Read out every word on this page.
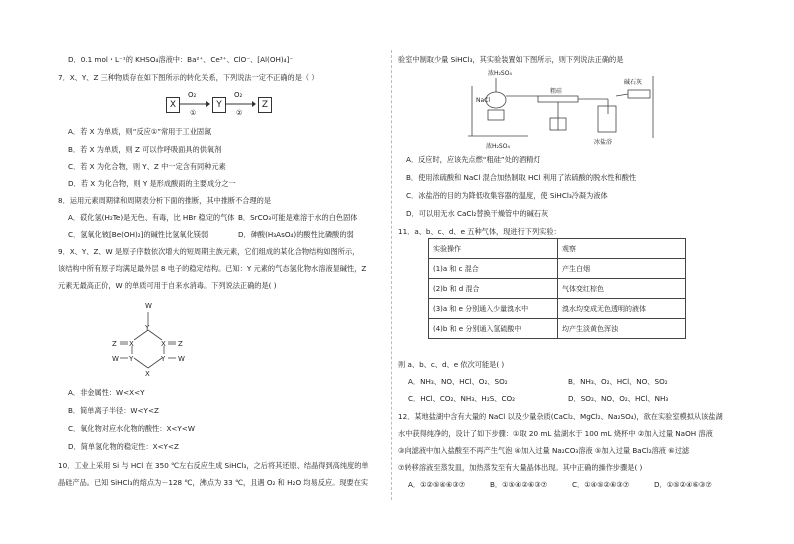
D．0.1 mol・L⁻¹的 KHSO₄溶液中：Ba²⁺、Ce³⁺、ClO⁻、[Al(OH)₄]⁻
7．X、Y、Z 三种物质存在如下图所示的转化关系，下列说法一定不正确的是（ ）
X
O₂
①
Y
O₂
②
Z
A．若 X 为单质，则“反应①”常用于工业固氮
B．若 X 为单质，则 Z 可以作呼吸面具的供氧剂
C．若 X 为化合物，则 Y、Z 中一定含有同种元素
D．若 X 为化合物，则 Y 是形成酸雨的主要成分之一
8．运用元素周期律和周期表分析下面的推断，其中推断不合理的是
A．砹化氢(H₂Te)是无色、有毒，比 HBr 稳定的气体 B．SrCO₃可能是难溶于水的白色固体
C．氢氧化铍[Be(OH)₂]的碱性比氢氧化镁弱	D．砷酸(H₃AsO₄)的酸性比磷酸的弱
9．X、Y、Z、W 是原子序数依次增大的短周期主族元素，它们组成的某化合物结构如图所示，
该结构中所有原子均满足最外层 8 电子的稳定结构。已知：Y 元素的气态氢化物水溶液显碱性，Z
元素无最高正价，W 的单质可用于自来水消毒。下列说法正确的是( )
W
Y
X	X
Z	Z
Y	Y
W	W
X
A．非金属性：W<X<Y
B．简单离子半径：W<Y<Z
C．氧化物对应水化物的酸性：X<Y<W
D．简单氢化物的稳定性：X<Y<Z
10．工业上采用 Si 与 HCl 在 350 ℃左右反应生成 SiHCl₃，之后将其还原、结晶得到高纯度的单
晶硅产品。已知 SiHCl₃的熔点为－128 ℃，沸点为 33 ℃，且遇 O₂ 和 H₂O 均易反应。现要在实
验室中制取少量 SiHCl₃，其实验装置如下图所示，则下列说法正确的是
浓H₂SO₄
NaCl
粗硅
碱石灰
浓H₂SO₄
冰盐浴
A．反应时，应该先点燃“粗硅”处的酒精灯
B．使用浓硫酸和 NaCl 混合加热制取 HCl 利用了浓硫酸的脱水性和酸性
C．冰盐浴的目的为降低收集容器的温度，使 SiHCl₃冷凝为液体
D．可以用无水 CaCl₂替换干燥管中的碱石灰
11．a、b、c、d、e 五种气体，现进行下列实验：
实验操作	观察
(1)a 和 c 混合	产生白烟
(2)b 和 d 混合	气体变红棕色
(3)a 和 e 分别通入少量溴水中	溴水均变成无色透明的液体
(4)b 和 e 分别通入氢硫酸中	均产生淡黄色浑浊
则 a、b、c、d、e 依次可能是( )
A．NH₃、NO、HCl、O₂、SO₂	B．NH₃、O₂、HCl、NO、SO₂
C．HCl、CO₂、NH₃、H₂S、CO₂	D．SO₂、NO、O₂、HCl、NH₃
12．某地盐湖中含有大量的 NaCl 以及少量杂质(CaCl₂、MgCl₂、Na₂SO₄)，欲在实验室模拟从该盐湖
水中获得纯净的，设计了如下步骤：①取 20 mL 盐湖水于 100 mL 烧杯中 ②加入过量 NaOH 溶液
③向滤液中加入盐酸至不再产生气泡 ④加入过量 Na₂CO₃溶液 ⑤加入过量 BaCl₂溶液 ⑥过滤
⑦转移溶液至蒸发皿，加热蒸发至有大量晶体出现。其中正确的操作步骤是( )
A．①②⑤④⑥③⑦	B．①⑤④②⑥③⑦	C．①④⑤②⑥③⑦	D．①⑤②④⑥③⑦
